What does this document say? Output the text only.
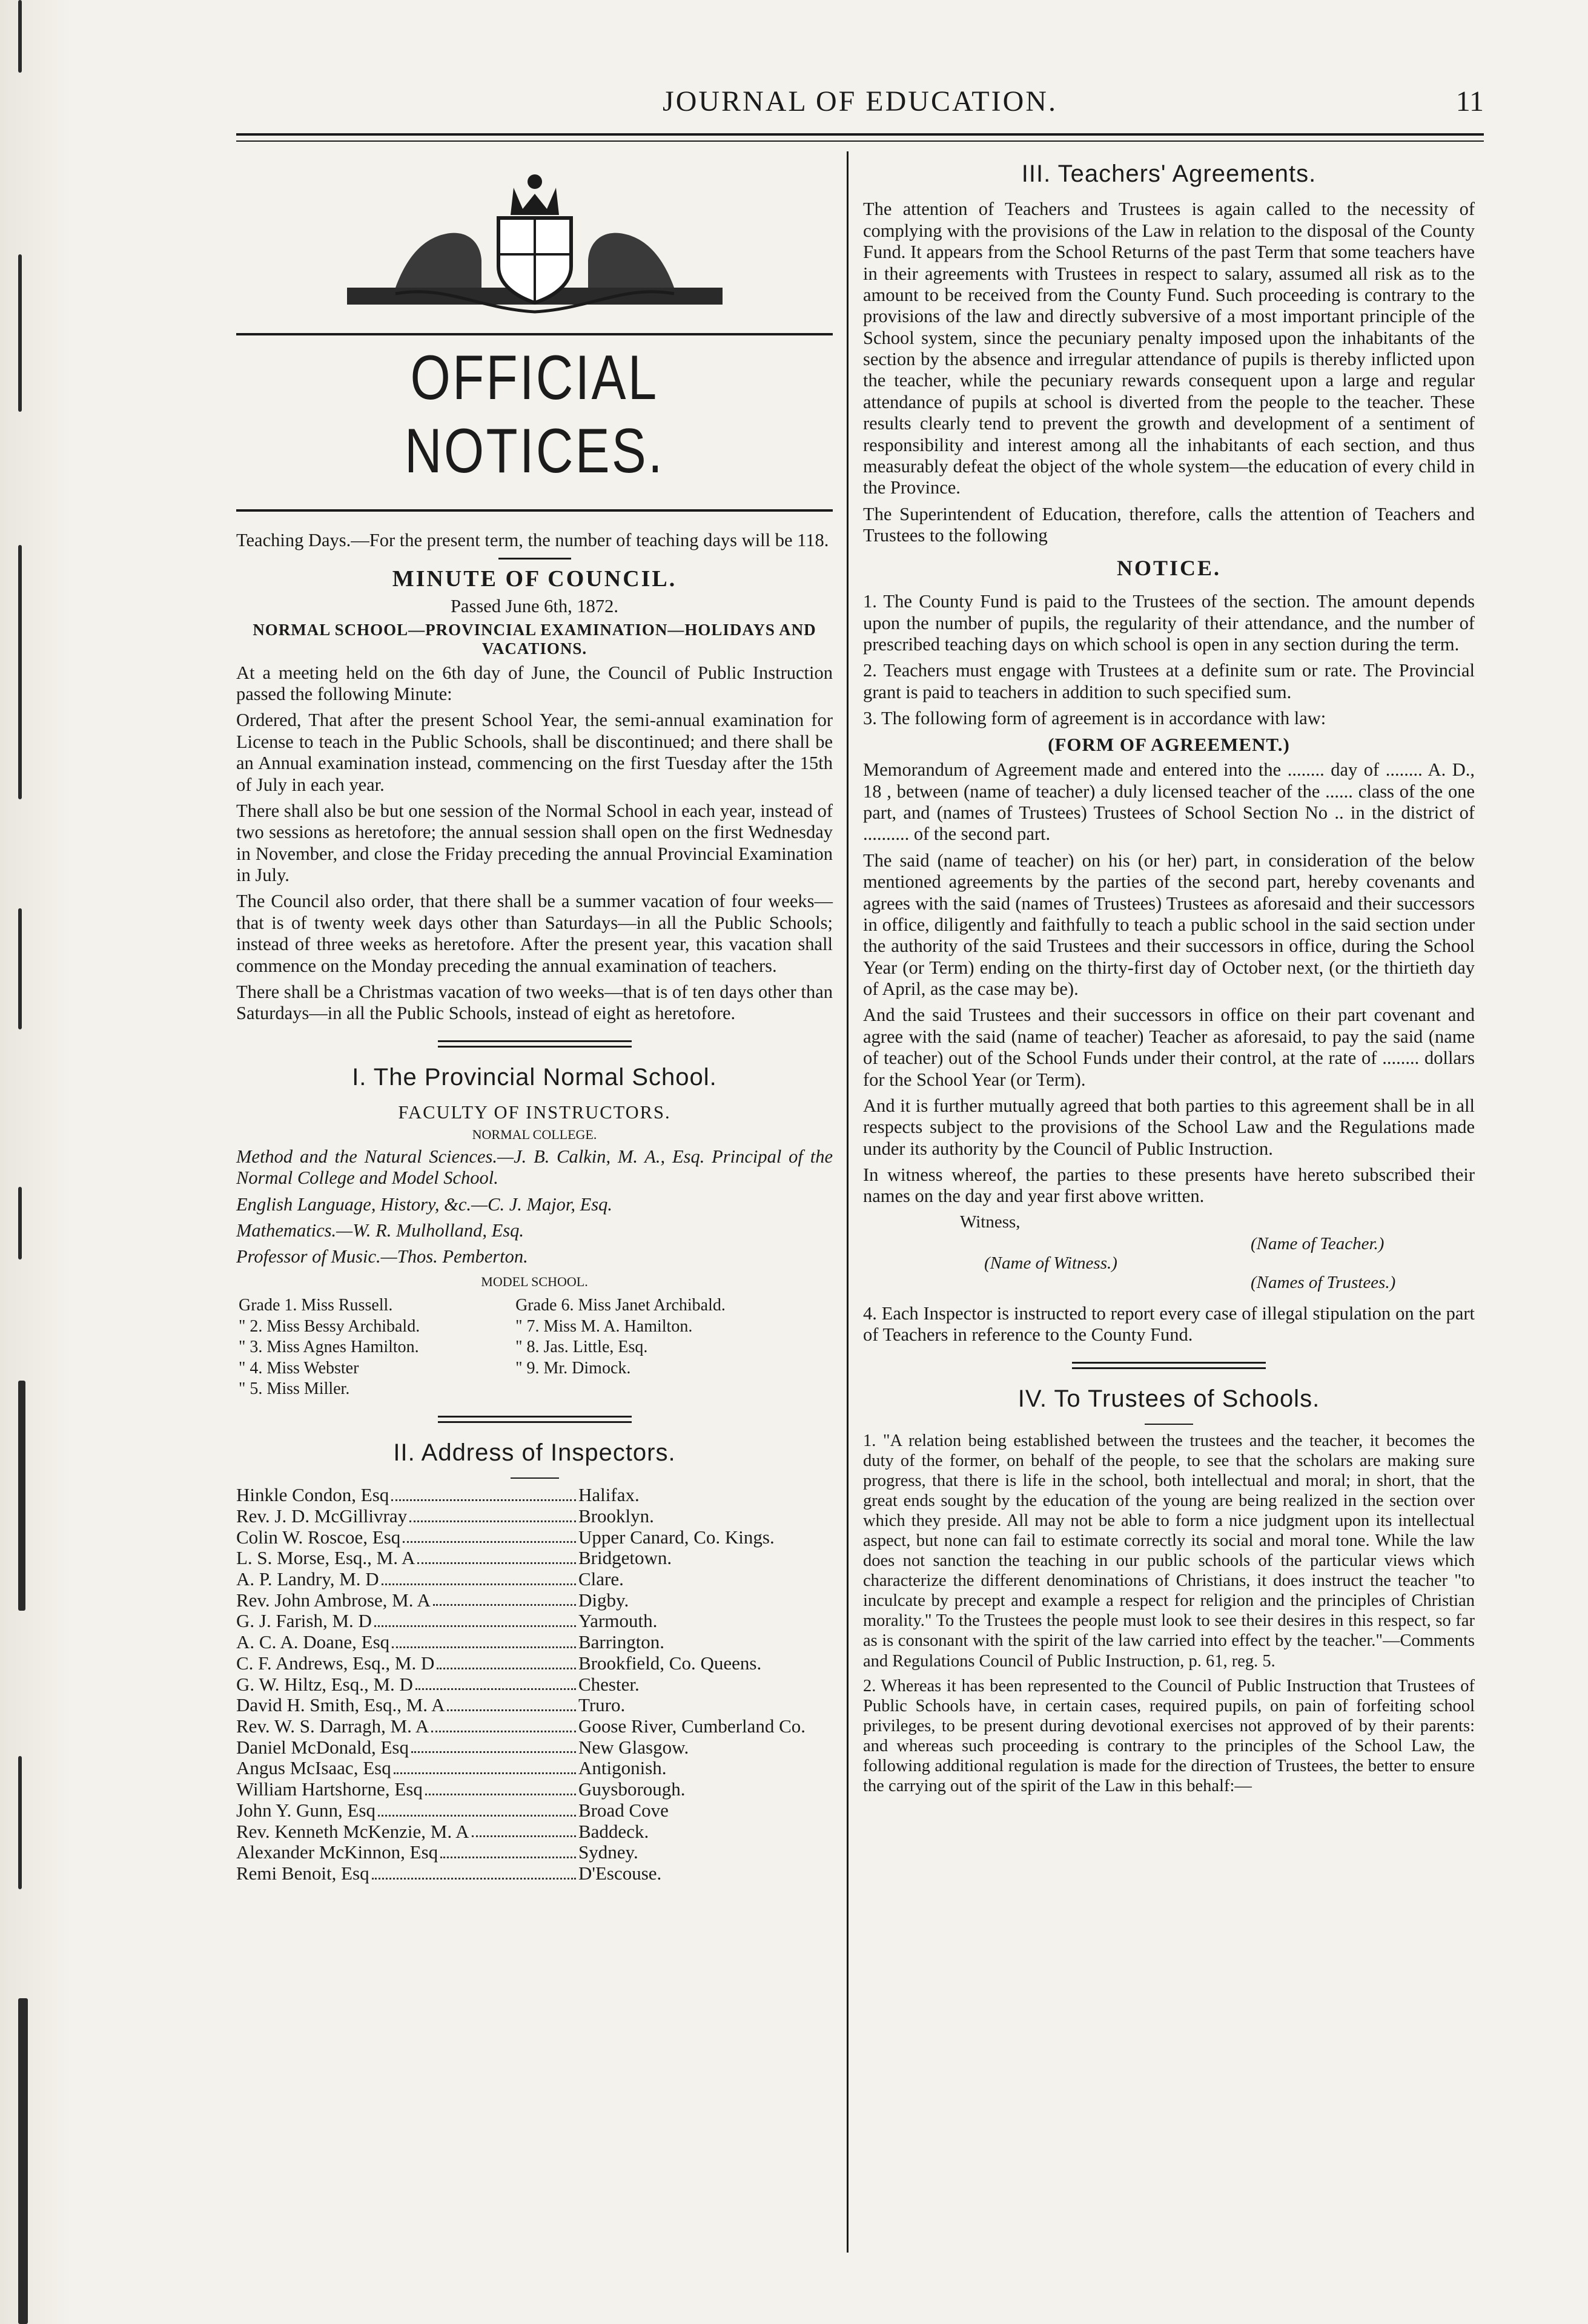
JOURNAL OF EDUCATION.	11
OFFICIAL NOTICES.

Teaching Days.—For the present term, the number of teaching days will be 118.

MINUTE OF COUNCIL.
Passed June 6th, 1872.
NORMAL SCHOOL—PROVINCIAL EXAMINATION—HOLIDAYS AND VACATIONS.

At a meeting held on the 6th day of June, the Council of Public Instruction passed the following Minute:

Ordered, That after the present School Year, the semi-annual examination for License to teach in the Public Schools, shall be discontinued; and there shall be an Annual examination instead, commencing on the first Tuesday after the 15th of July in each year.

There shall also be but one session of the Normal School in each year, instead of two sessions as heretofore; the annual session shall open on the first Wednesday in November, and close the Friday preceding the annual Provincial Examination in July.

The Council also order, that there shall be a summer vacation of four weeks—that is of twenty week days other than Saturdays—in all the Public Schools; instead of three weeks as heretofore. After the present year, this vacation shall commence on the Monday preceding the annual examination of teachers.

There shall be a Christmas vacation of two weeks—that is of ten days other than Saturdays—in all the Public Schools, instead of eight as heretofore.

I. The Provincial Normal School.
FACULTY OF INSTRUCTORS.
NORMAL COLLEGE.

Method and the Natural Sciences.—J. B. Calkin, M. A., Esq. Principal of the Normal College and Model School.

English Language, History, &c.—C. J. Major, Esq.

Mathematics.—W. R. Mulholland, Esq.

Professor of Music.—Thos. Pemberton.

MODEL SCHOOL.
Grade 1. Miss Russell.	Grade 6. Miss Janet Archibald.
" 2. Miss Bessy Archibald.	" 7. Miss M. A. Hamilton.
" 3. Miss Agnes Hamilton.	" 8. Jas. Little, Esq.
" 4. Miss Webster	" 9. Mr. Dimock.
" 5. Miss Miller.	
II. Address of Inspectors.
Hinkle Condon, Esq	Halifax.
Rev. J. D. McGillivray	Brooklyn.
Colin W. Roscoe, Esq	Upper Canard, Co. Kings.
L. S. Morse, Esq., M. A	Bridgetown.
A. P. Landry, M. D	Clare.
Rev. John Ambrose, M. A	Digby.
G. J. Farish, M. D	Yarmouth.
A. C. A. Doane, Esq	Barrington.
C. F. Andrews, Esq., M. D	Brookfield, Co. Queens.
G. W. Hiltz, Esq., M. D	Chester.
David H. Smith, Esq., M. A	Truro.
Rev. W. S. Darragh, M. A	Goose River, Cumberland Co.
Daniel McDonald, Esq	New Glasgow.
Angus McIsaac, Esq	Antigonish.
William Hartshorne, Esq	Guysborough.
John Y. Gunn, Esq	Broad Cove
Rev. Kenneth McKenzie, M. A	Baddeck.
Alexander McKinnon, Esq	Sydney.
Remi Benoit, Esq	D'Escouse.
III. Teachers' Agreements.

The attention of Teachers and Trustees is again called to the necessity of complying with the provisions of the Law in relation to the disposal of the County Fund. It appears from the School Returns of the past Term that some teachers have in their agreements with Trustees in respect to salary, assumed all risk as to the amount to be received from the County Fund. Such proceeding is contrary to the provisions of the law and directly subversive of a most important principle of the School system, since the pecuniary penalty imposed upon the inhabitants of the section by the absence and irregular attendance of pupils is thereby inflicted upon the teacher, while the pecuniary rewards consequent upon a large and regular attendance of pupils at school is diverted from the people to the teacher. These results clearly tend to prevent the growth and development of a sentiment of responsibility and interest among all the inhabitants of each section, and thus measurably defeat the object of the whole system—the education of every child in the Province.

The Superintendent of Education, therefore, calls the attention of Teachers and Trustees to the following

NOTICE.

1. The County Fund is paid to the Trustees of the section. The amount depends upon the number of pupils, the regularity of their attendance, and the number of prescribed teaching days on which school is open in any section during the term.

2. Teachers must engage with Trustees at a definite sum or rate. The Provincial grant is paid to teachers in addition to such specified sum.

3. The following form of agreement is in accordance with law:

(FORM OF AGREEMENT.)

Memorandum of Agreement made and entered into the ........ day of ........ A. D., 18 , between (name of teacher) a duly licensed teacher of the ...... class of the one part, and (names of Trustees) Trustees of School Section No .. in the district of .......... of the second part.

The said (name of teacher) on his (or her) part, in consideration of the below mentioned agreements by the parties of the second part, hereby covenants and agrees with the said (names of Trustees) Trustees as aforesaid and their successors in office, diligently and faithfully to teach a public school in the said section under the authority of the said Trustees and their successors in office, during the School Year (or Term) ending on the thirty-first day of October next, (or the thirtieth day of April, as the case may be).

And the said Trustees and their successors in office on their part covenant and agree with the said (name of teacher) Teacher as aforesaid, to pay the said (name of teacher) out of the School Funds under their control, at the rate of ........ dollars for the School Year (or Term).

And it is further mutually agreed that both parties to this agreement shall be in all respects subject to the provisions of the School Law and the Regulations made under its authority by the Council of Public Instruction.

In witness whereof, the parties to these presents have hereto subscribed their names on the day and year first above written.

Witness,
(Name of Teacher.)
(Name of Witness.)
(Names of Trustees.)

4. Each Inspector is instructed to report every case of illegal stipulation on the part of Teachers in reference to the County Fund.

IV. To Trustees of Schools.

1. "A relation being established between the trustees and the teacher, it becomes the duty of the former, on behalf of the people, to see that the scholars are making sure progress, that there is life in the school, both intellectual and moral; in short, that the great ends sought by the education of the young are being realized in the section over which they preside. All may not be able to form a nice judgment upon its intellectual aspect, but none can fail to estimate correctly its social and moral tone. While the law does not sanction the teaching in our public schools of the particular views which characterize the different denominations of Christians, it does instruct the teacher "to inculcate by precept and example a respect for religion and the principles of Christian morality." To the Trustees the people must look to see their desires in this respect, so far as is consonant with the spirit of the law carried into effect by the teacher."—Comments and Regulations Council of Public Instruction, p. 61, reg. 5.

2. Whereas it has been represented to the Council of Public Instruction that Trustees of Public Schools have, in certain cases, required pupils, on pain of forfeiting school privileges, to be present during devotional exercises not approved of by their parents: and whereas such proceeding is contrary to the principles of the School Law, the following additional regulation is made for the direction of Trustees, the better to ensure the carrying out of the spirit of the Law in this behalf:—
